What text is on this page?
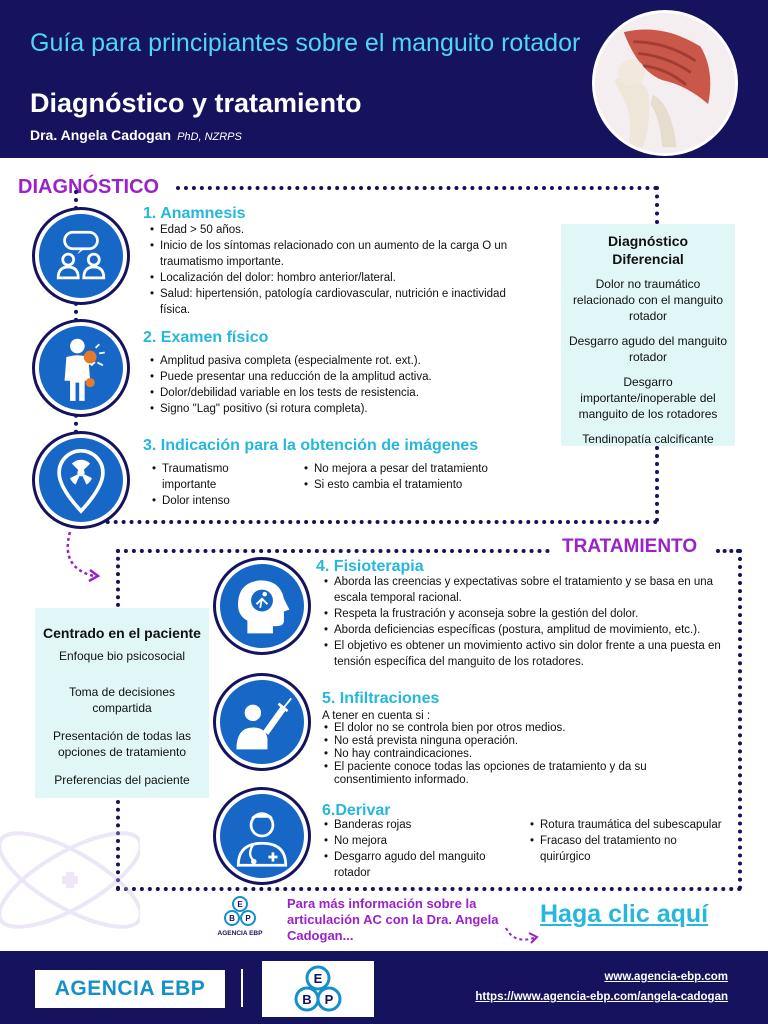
Guía para principiantes sobre el manguito rotador
Diagnóstico y tratamiento
Dra. Angela Cadogan PhD, NZRPS
DIAGNÓSTICO
1. Anamnesis
• Edad > 50 años.
• Inicio de los síntomas relacionado con un aumento de la carga O un traumatismo importante.
• Localización del dolor: hombro anterior/lateral.
• Salud: hipertensión, patología cardiovascular, nutrición e inactividad física.
2. Examen físico
• Amplitud pasiva completa (especialmente rot. ext.).
• Puede presentar una reducción de la amplitud activa.
• Dolor/debilidad variable en los tests de resistencia.
• Signo "Lag" positivo (si rotura completa).
3. Indicación para la obtención de imágenes
• Traumatismo importante
• Dolor intenso
• No mejora a pesar del tratamiento
• Si esto cambia el tratamiento
Diagnóstico Diferencial
Dolor no traumático relacionado con el manguito rotador
Desgarro agudo del manguito rotador
Desgarro importante/inoperable del manguito de los rotadores
Tendinopatía calcificante
TRATAMIENTO
4. Fisioterapia
• Aborda las creencias y expectativas sobre el tratamiento y se basa en una escala temporal racional.
• Respeta la frustración y aconseja sobre la gestión del dolor.
• Aborda deficiencias específicas (postura, amplitud de movimiento, etc.).
• El objetivo es obtener un movimiento activo sin dolor frente a una puesta en tensión específica del manguito de los rotadores.
5. Infiltraciones
A tener en cuenta si :
• El dolor no se controla bien por otros medios.
• No está prevista ninguna operación.
• No hay contraindicaciones.
• El paciente conoce todas las opciones de tratamiento y da su consentimiento informado.
6.Derivar
• Banderas rojas
• No mejora
• Desgarro agudo del manguito rotador
• Rotura traumática del subescapular
• Fracaso del tratamiento no quirúrgico
Centrado en el paciente
Enfoque bio psicosocial
Toma de decisiones compartida
Presentación de todas las opciones de tratamiento
Preferencias del paciente
E
B P
AGENCIA EBP
Para más información sobre la articulación AC con la Dra. Angela Cadogan...
Haga clic aquí
AGENCIA EBP	E
B P
www.agencia-ebp.com
https://www.agencia-ebp.com/angela-cadogan
